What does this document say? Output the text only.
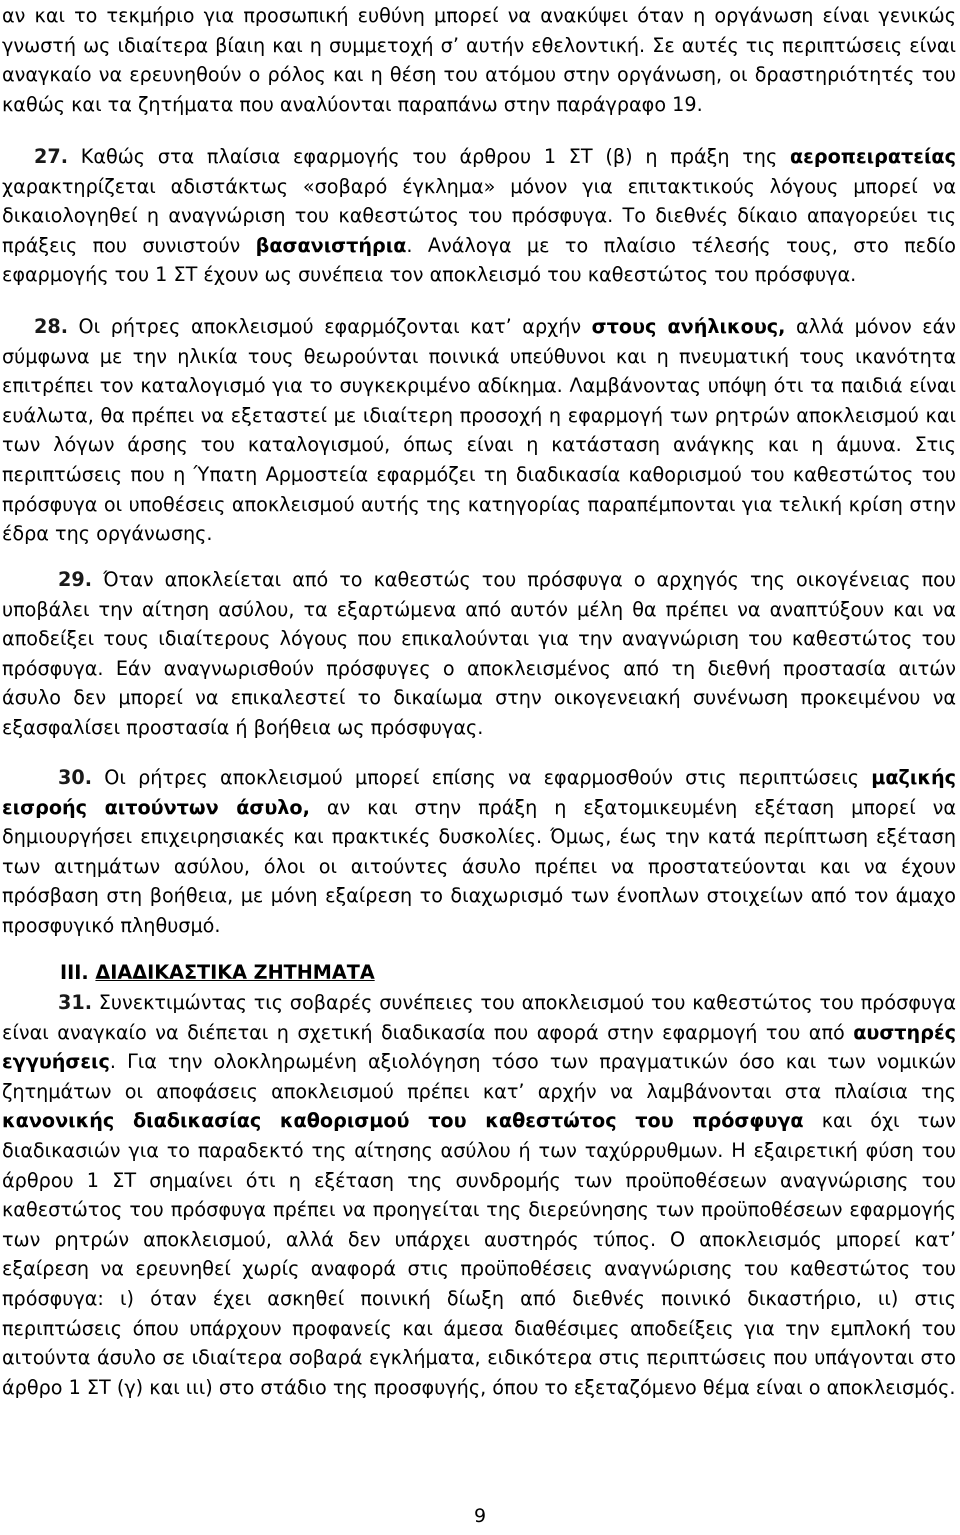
αν και το τεκμήριο για προσωπική ευθύνη μπορεί να ανακύψει όταν η οργάνωση είναι γενικώς γνωστή ως ιδιαίτερα βίαιη και η συμμετοχή σ’ αυτήν εθελοντική. Σε αυτές τις περιπτώσεις είναι αναγκαίο να ερευνηθούν ο ρόλος και η θέση του ατόμου στην οργάνωση, οι δραστηριότητές του καθώς και τα ζητήματα που αναλύονται παραπάνω στην παράγραφο 19.

27. Καθώς στα πλαίσια εφαρμογής του άρθρου 1 ΣΤ (β) η πράξη της αεροπειρατείας χαρακτηρίζεται αδιστάκτως «σοβαρό έγκλημα» μόνον για επιτακτικούς λόγους μπορεί να δικαιολογηθεί η αναγνώριση του καθεστώτος του πρόσφυγα. Το διεθνές δίκαιο απαγορεύει τις πράξεις που συνιστούν βασανιστήρια. Ανάλογα με το πλαίσιο τέλεσής τους, στο πεδίο εφαρμογής του 1 ΣΤ έχουν ως συνέπεια τον αποκλεισμό του καθεστώτος του πρόσφυγα.

28. Οι ρήτρες αποκλεισμού εφαρμόζονται κατ’ αρχήν στους ανήλικους, αλλά μόνον εάν σύμφωνα με την ηλικία τους θεωρούνται ποινικά υπεύθυνοι και η πνευματική τους ικανότητα επιτρέπει τον καταλογισμό για το συγκεκριμένο αδίκημα. Λαμβάνοντας υπόψη ότι τα παιδιά είναι ευάλωτα, θα πρέπει να εξεταστεί με ιδιαίτερη προσοχή η εφαρμογή των ρητρών αποκλεισμού και των λόγων άρσης του καταλογισμού, όπως είναι η κατάσταση ανάγκης και η άμυνα. Στις περιπτώσεις που η Ύπατη Αρμοστεία εφαρμόζει τη διαδικασία καθορισμού του καθεστώτος του πρόσφυγα οι υποθέσεις αποκλεισμού αυτής της κατηγορίας παραπέμπονται για τελική κρίση στην έδρα της οργάνωσης.

29. Όταν αποκλείεται από το καθεστώς του πρόσφυγα ο αρχηγός της οικογένειας που υποβάλει την αίτηση ασύλου, τα εξαρτώμενα από αυτόν μέλη θα πρέπει να αναπτύξουν και να αποδείξει τους ιδιαίτερους λόγους που επικαλούνται για την αναγνώριση του καθεστώτος του πρόσφυγα. Εάν αναγνωρισθούν πρόσφυγες ο αποκλεισμένος από τη διεθνή προστασία αιτών άσυλο δεν μπορεί να επικαλεστεί το δικαίωμα στην οικογενειακή συνένωση προκειμένου να εξασφαλίσει προστασία ή βοήθεια ως πρόσφυγας.

30. Οι ρήτρες αποκλεισμού μπορεί επίσης να εφαρμοσθούν στις περιπτώσεις μαζικής εισροής αιτούντων άσυλο, αν και στην πράξη η εξατομικευμένη εξέταση μπορεί να δημιουργήσει επιχειρησιακές και πρακτικές δυσκολίες. Όμως, έως την κατά περίπτωση εξέταση των αιτημάτων ασύλου, όλοι οι αιτούντες άσυλο πρέπει να προστατεύονται και να έχουν πρόσβαση στη βοήθεια, με μόνη εξαίρεση το διαχωρισμό των ένοπλων στοιχείων από τον άμαχο προσφυγικό πληθυσμό.

III. ΔΙΑΔΙΚΑΣΤΙΚΑ ΖΗΤΗΜΑΤΑ

31. Συνεκτιμώντας τις σοβαρές συνέπειες του αποκλεισμού του καθεστώτος του πρόσφυγα είναι αναγκαίο να διέπεται η σχετική διαδικασία που αφορά στην εφαρμογή του από αυστηρές εγγυήσεις. Για την ολοκληρωμένη αξιολόγηση τόσο των πραγματικών όσο και των νομικών ζητημάτων οι αποφάσεις αποκλεισμού πρέπει κατ’ αρχήν να λαμβάνονται στα πλαίσια της κανονικής διαδικασίας καθορισμού του καθεστώτος του πρόσφυγα και όχι των διαδικασιών για το παραδεκτό της αίτησης ασύλου ή των ταχύρρυθμων. Η εξαιρετική φύση του άρθρου 1 ΣΤ σημαίνει ότι η εξέταση της συνδρομής των προϋποθέσεων αναγνώρισης του καθεστώτος του πρόσφυγα πρέπει να προηγείται της διερεύνησης των προϋποθέσεων εφαρμογής των ρητρών αποκλεισμού, αλλά δεν υπάρχει αυστηρός τύπος. Ο αποκλεισμός μπορεί κατ’ εξαίρεση να ερευνηθεί χωρίς αναφορά στις προϋποθέσεις αναγνώρισης του καθεστώτος του πρόσφυγα: ι) όταν έχει ασκηθεί ποινική δίωξη από διεθνές ποινικό δικαστήριο, ιι) στις περιπτώσεις όπου υπάρχουν προφανείς και άμεσα διαθέσιμες αποδείξεις για την εμπλοκή του αιτούντα άσυλο σε ιδιαίτερα σοβαρά εγκλήματα, ειδικότερα στις περιπτώσεις που υπάγονται στο άρθρο 1 ΣΤ (γ) και ιιι) στο στάδιο της προσφυγής, όπου το εξεταζόμενο θέμα είναι ο αποκλεισμός.

9
